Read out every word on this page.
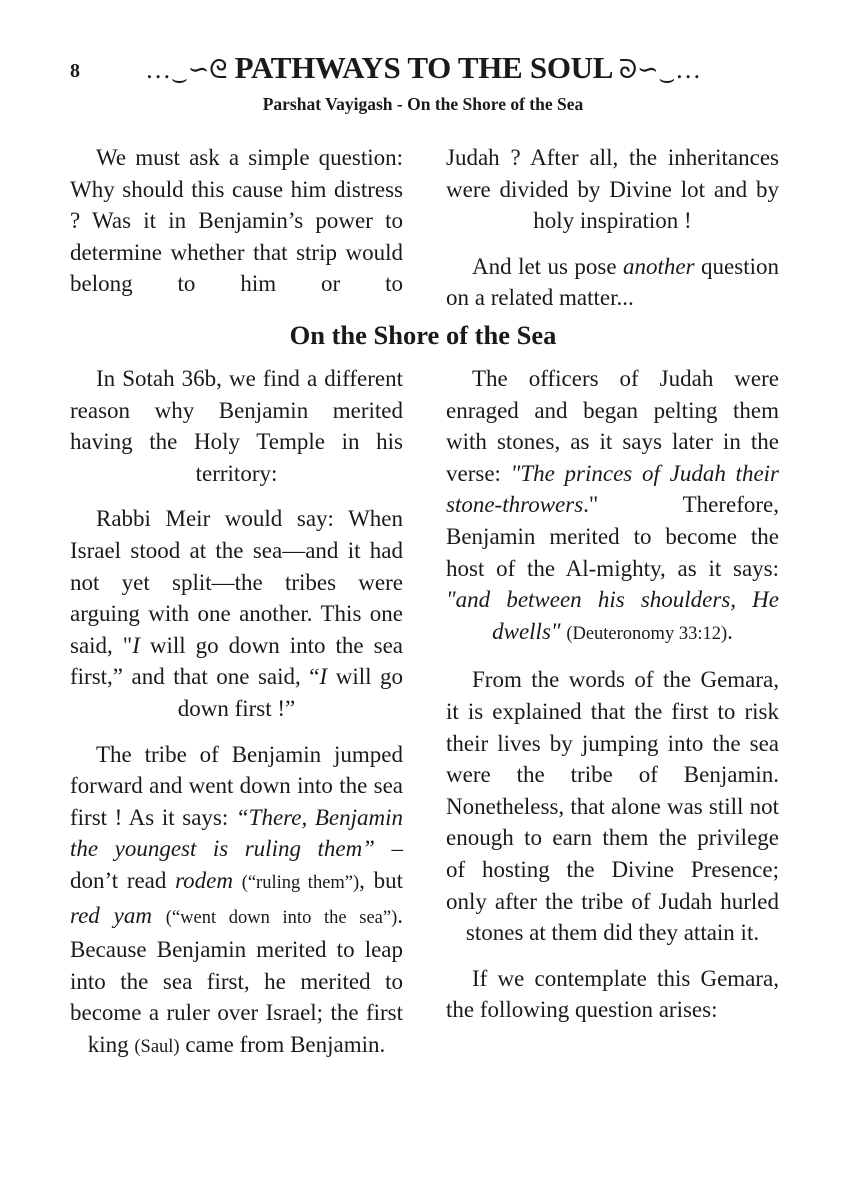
8	…‿∽ᘓ PATHWAYS TO THE SOUL ᘐ∽‿…
Parshat Vayigash - On the Shore of the Sea

We must ask a simple question: Why should this cause him distress ? Was it in Benjamin’s power to determine whether that strip would belong to him or to

Judah ? After all, the inheritances were divided by Divine lot and by holy inspiration !

And let us pose another question on a related matter...

On the Shore of the Sea

In Sotah 36b, we find a different reason why Benjamin merited having the Holy Temple in his territory:

Rabbi Meir would say: When Israel stood at the sea—and it had not yet split—the tribes were arguing with one another. This one said, "I will go down into the sea first,” and that one said, “I will go down first !”

The tribe of Benjamin jumped forward and went down into the sea first ! As it says: “There, Benjamin the youngest is ruling them” – don’t read rodem (“ruling them”), but red yam (“went down into the sea”). Because Benjamin merited to leap into the sea first, he merited to become a ruler over Israel; the first king (Saul) came from Benjamin.

The officers of Judah were enraged and began pelting them with stones, as it says later in the verse: "The princes of Judah their stone-throwers." Therefore, Benjamin merited to become the host of the Al-mighty, as it says: "and between his shoulders, He dwells" (Deuteronomy 33:12).

From the words of the Gemara, it is explained that the first to risk their lives by jumping into the sea were the tribe of Benjamin. Nonetheless, that alone was still not enough to earn them the privilege of hosting the Divine Presence; only after the tribe of Judah hurled stones at them did they attain it.

If we contemplate this Gemara, the following question arises:
